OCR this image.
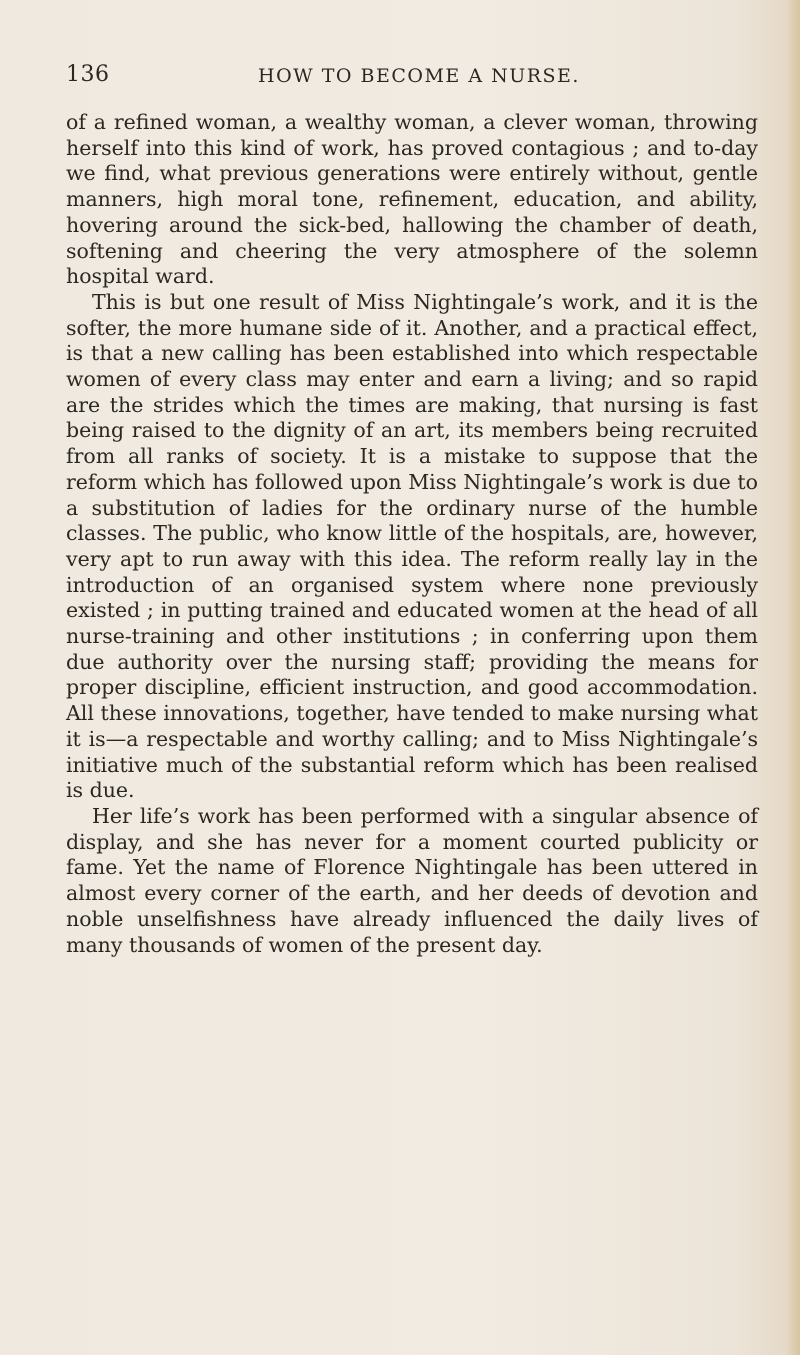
136	HOW TO BECOME A NURSE.

of a refined woman, a wealthy woman, a clever woman, throwing herself into this kind of work, has proved contagious ; and to-day we find, what previous generations were entirely without, gentle manners, high moral tone, refinement, education, and ability, hovering around the sick-bed, hallowing the chamber of death, softening and cheering the very atmosphere of the solemn hospital ward.

This is but one result of Miss Nightingale’s work, and it is the softer, the more humane side of it. Another, and a practical effect, is that a new calling has been established into which respectable women of every class may enter and earn a living; and so rapid are the strides which the times are making, that nursing is fast being raised to the dignity of an art, its members being recruited from all ranks of society. It is a mistake to suppose that the reform which has followed upon Miss Nightingale’s work is due to a substitution of ladies for the ordinary nurse of the humble classes. The public, who know little of the hospitals, are, however, very apt to run away with this idea. The reform really lay in the introduction of an organised system where none previously existed ; in putting trained and educated women at the head of all nurse-training and other institutions ; in conferring upon them due authority over the nursing staff; providing the means for proper discipline, efficient instruction, and good accommodation. All these innovations, together, have tended to make nursing what it is—a respectable and worthy calling; and to Miss Nightingale’s initiative much of the substantial reform which has been realised is due.

Her life’s work has been performed with a singular absence of display, and she has never for a moment courted publicity or fame. Yet the name of Florence Nightingale has been uttered in almost every corner of the earth, and her deeds of devotion and noble unselfishness have already influenced the daily lives of many thousands of women of the present day.
